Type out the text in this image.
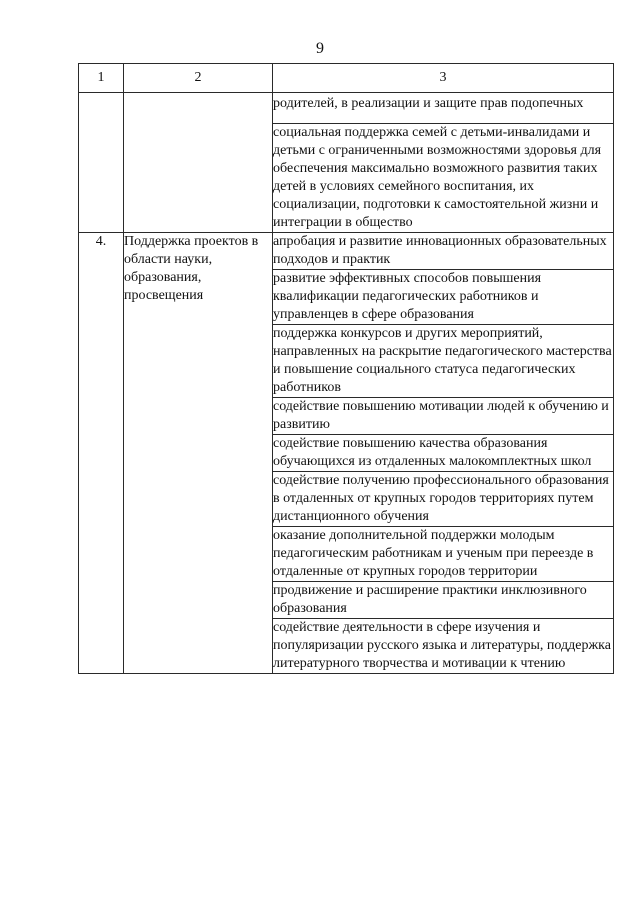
9
1	2	3
		родителей, в реализации и защите прав подопечных
		социальная поддержка семей с детьми-инвалидами и детьми с ограниченными возможностями здоровья для обеспечения максимально возможного развития таких детей в условиях семейного воспитания, их социализации, подготовки к самостоятельной жизни и интеграции в общество
4.	Поддержка проектов в области науки, образования, просвещения	апробация и развитие инновационных образовательных подходов и практик
		развитие эффективных способов повышения квалификации педагогических работников и управленцев в сфере образования
		поддержка конкурсов и других мероприятий, направленных на раскрытие педагогического мастерства и повышение социального статуса педагогических работников
		содействие повышению мотивации людей к обучению и развитию
		содействие повышению качества образования обучающихся из отдаленных малокомплектных школ
		содействие получению профессионального образования в отдаленных от крупных городов территориях путем дистанционного обучения
		оказание дополнительной поддержки молодым педагогическим работникам и ученым при переезде в отдаленные от крупных городов территории
		продвижение и расширение практики инклюзивного образования
		содействие деятельности в сфере изучения и популяризации русского языка и литературы, поддержка литературного творчества и мотивации к чтению
